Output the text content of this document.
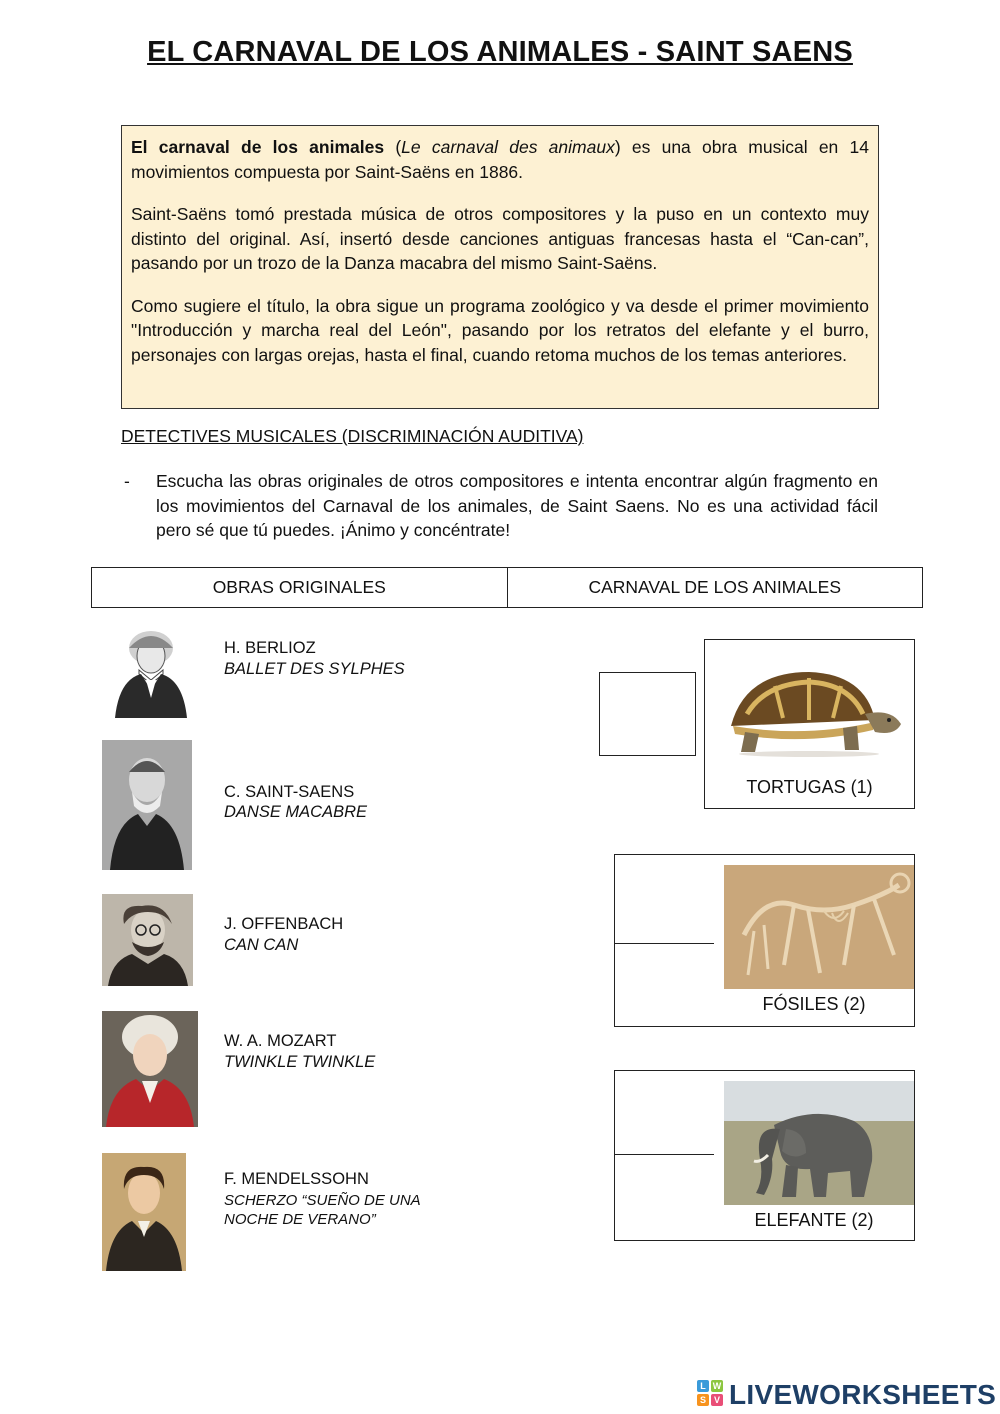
EL CARNAVAL DE LOS ANIMALES - SAINT SAENS

El carnaval de los animales (Le carnaval des animaux) es una obra musical en 14 movimientos compuesta por Saint-Saëns en 1886.

Saint-Saëns tomó prestada música de otros compositores y la puso en un contexto muy distinto del original. Así, insertó desde canciones antiguas francesas hasta el “Can-can”, pasando por un trozo de la Danza macabra del mismo Saint-Saëns.

Como sugiere el título, la obra sigue un programa zoológico y va desde el primer movimiento "Introducción y marcha real del León", pasando por los retratos del elefante y el burro, personajes con largas orejas, hasta el final, cuando retoma muchos de los temas anteriores.

DETECTIVES MUSICALES (DISCRIMINACIÓN AUDITIVA)
- Escucha las obras originales de otros compositores e intenta encontrar algún fragmento en los movimientos del Carnaval de los animales, de Saint Saens. No es una actividad fácil pero sé que tú puedes. ¡Ánimo y concéntrate!
OBRAS ORIGINALES	CARNAVAL DE LOS ANIMALES
H. BERLIOZ
BALLET DES SYLPHES
C. SAINT-SAENS
DANSE MACABRE
J. OFFENBACH
CAN CAN
W. A. MOZART
TWINKLE TWINKLE
F. MENDELSSOHN
SCHERZO “SUEÑO DE UNA NOCHE DE VERANO”
TORTUGAS (1)
FÓSILES (2)
ELEFANTE (2)
L W
S V LIVEWORKSHEETS
